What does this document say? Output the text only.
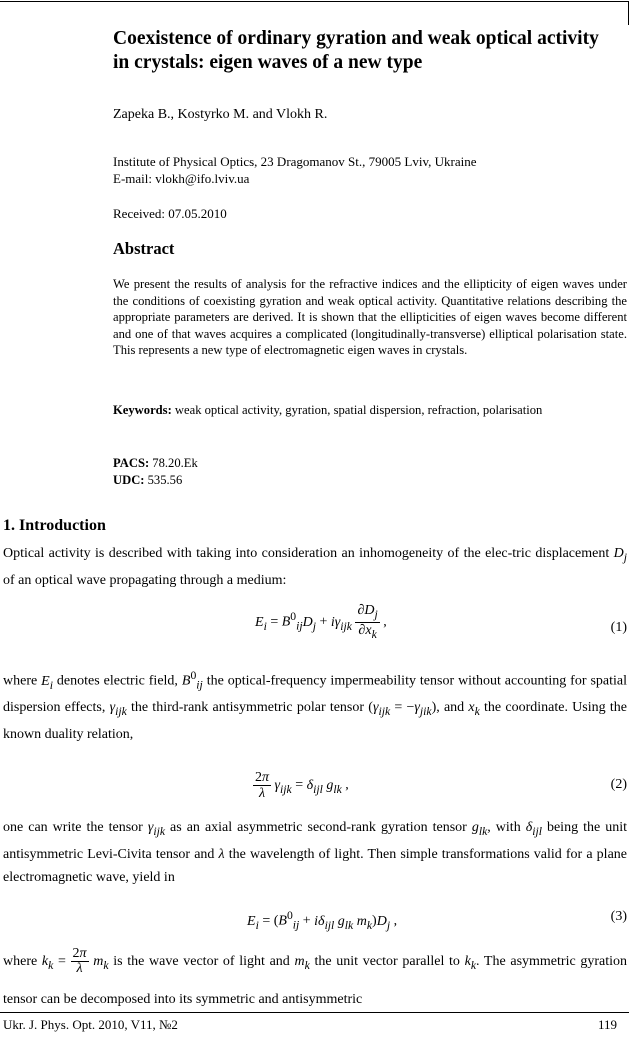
Coexistence of ordinary gyration and weak optical activity in crystals: eigen waves of a new type
Zapeka B., Kostyrko M. and Vlokh R.
Institute of Physical Optics, 23 Dragomanov St., 79005 Lviv, Ukraine
E-mail: vlokh@ifo.lviv.ua
Received: 07.05.2010
Abstract

We present the results of analysis for the refractive indices and the ellipticity of eigen waves under the conditions of coexisting gyration and weak optical activity. Quantitative relations describing the appropriate parameters are derived. It is shown that the ellipticities of eigen waves become different and one of that waves acquires a complicated (longitudinally-transverse) elliptical polarisation state. This represents a new type of electromagnetic eigen waves in crystals.

Keywords: weak optical activity, gyration, spatial dispersion, refraction, polarisation
PACS: 78.20.Ek
UDC: 535.56
1. Introduction

Optical activity is described with taking into consideration an inhomogeneity of the elec-tric displacement $D_j$ of an optical wave propagating through a medium:

$E_i = B^0_{ij}D_j + i\gamma_{ijk} \frac{\partial D_j}{\partial x_k}$ ,	(1)

where $E_i$ denotes electric field, $B^0_{ij}$ the optical-frequency impermeability tensor without accounting for spatial dispersion effects, $\gamma_{ijk}$ the third-rank antisymmetric polar tensor $(\gamma_{ijk} = -\gamma_{jik})$, and $x_k$ the coordinate. Using the known duality relation,

$\frac{2\pi}{\lambda} \gamma_{ijk} = \delta_{ijl}$ $g_{lk}$ ,	(2)

one can write the tensor $\gamma_{ijk}$ as an axial asymmetric second-rank gyration tensor $g_{lk}$, with $\delta_{ijl}$ being the unit antisymmetric Levi-Civita tensor and λ the wavelength of light. Then simple transformations valid for a plane electromagnetic wave, yield in

$E_i = (B^0_{ij} + i\delta_{ijl}$ $g_{lk}$ $m_k)D_j$ ,	(3)

where $k_k = \frac{2\pi}{\lambda} m_k$ is the wave vector of light and $m_k$ the unit vector parallel to $k_k$. The asymmetric gyration tensor can be decomposed into its symmetric and antisymmetric

Ukr. J. Phys. Opt. 2010, V11, №2	119
